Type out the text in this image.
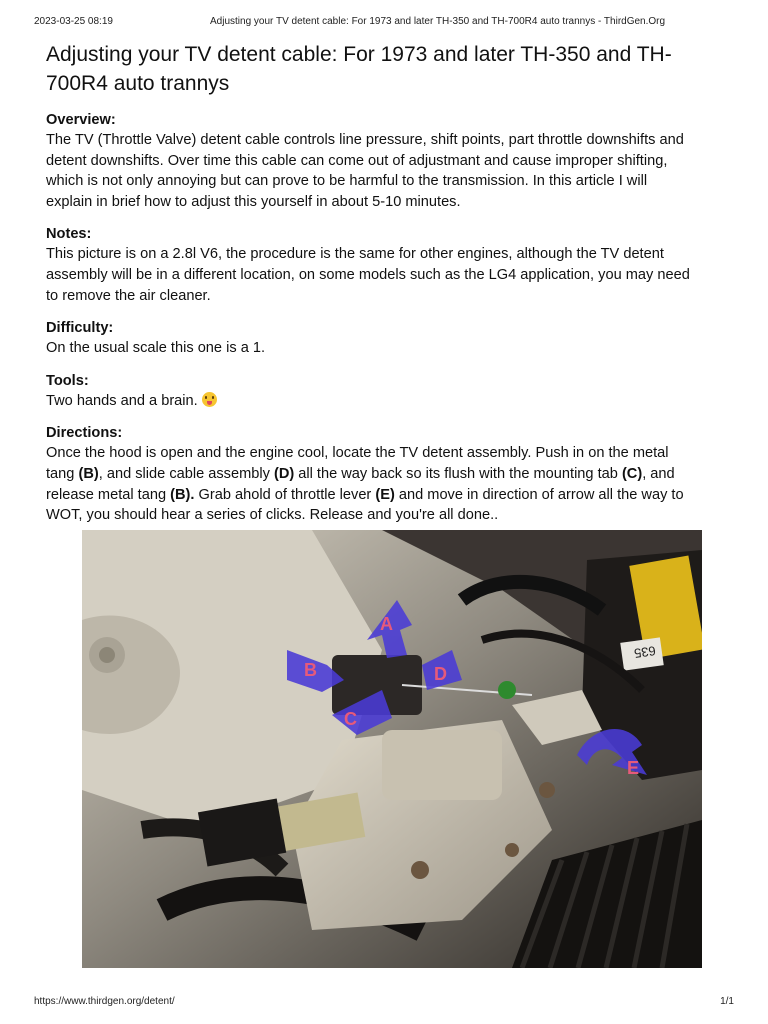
2023-03-25 08:19	Adjusting your TV detent cable: For 1973 and later TH-350 and TH-700R4 auto trannys - ThirdGen.Org
Adjusting your TV detent cable: For 1973 and later TH-350 and TH-
700R4 auto trannys
Overview:
The TV (Throttle Valve) detent cable controls line pressure, shift points, part throttle downshifts and
detent downshifts. Over time this cable can come out of adjustmant and cause improper shifting,
which is not only annoying but can prove to be harmful to the transmission. In this article I will
explain in brief how to adjust this yourself in about 5-10 minutes.
Notes:
This picture is on a 2.8l V6, the procedure is the same for other engines, although the TV detent
assembly will be in a different location, on some models such as the LG4 application, you may need
to remove the air cleaner.
Difficulty:
On the usual scale this one is a 1.
Tools:
Two hands and a brain.
Directions:
Once the hood is open and the engine cool, locate the TV detent assembly. Push in on the metal
tang (B), and slide cable assembly (D) all the way back so its flush with the mounting tab (C), and
release metal tang (B). Grab ahold of throttle lever (E) and move in direction of arrow all the way to
WOT, you should hear a series of clicks. Release and you're all done..
635
A
B
C
D
E
https://www.thirdgen.org/detent/	1/1
